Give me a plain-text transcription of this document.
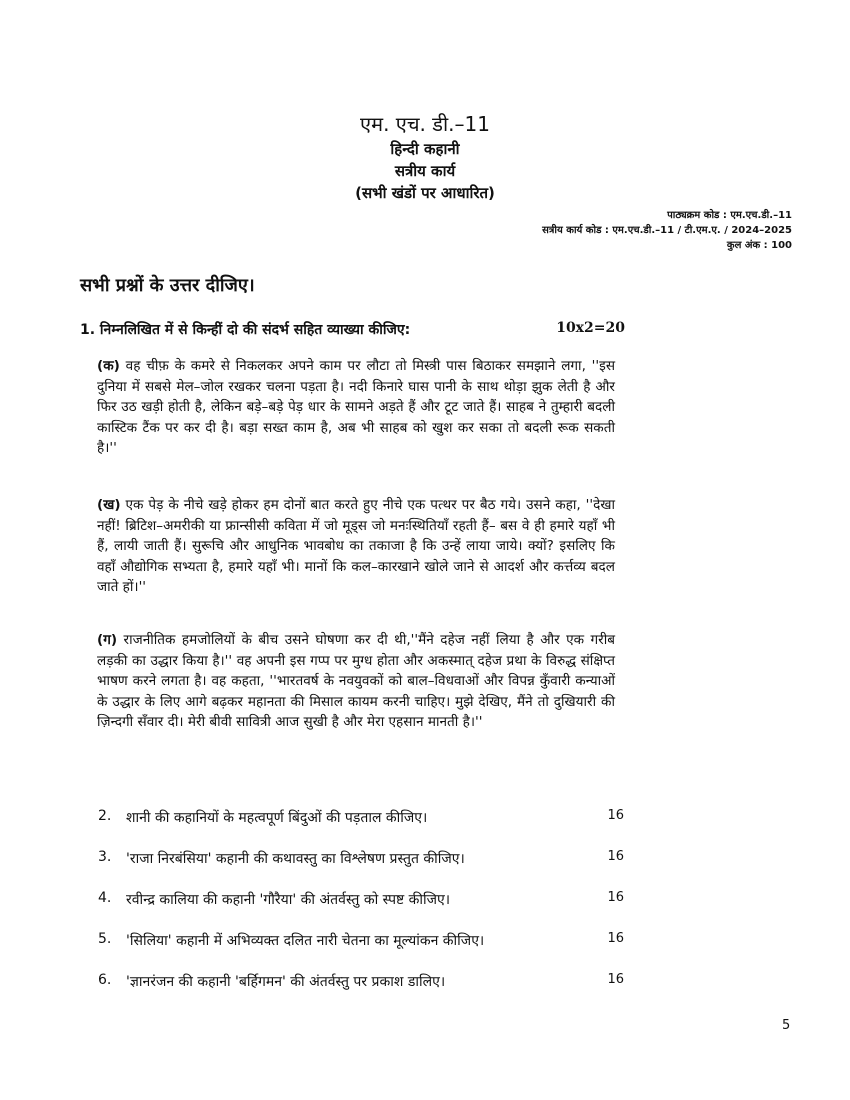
एम. एच. डी.–11
हिन्दी कहानी
सत्रीय कार्य
(सभी खंडों पर आधारित)
पाठ्यक्रम कोड : एम.एच.डी.–11
सत्रीय कार्य कोड : एम.एच.डी.–11 / टी.एम.ए. / 2024–2025
कुल अंक : 100
सभी प्रश्नों के उत्तर दीजिए।
1. निम्नलिखित में से किन्हीं दो की संदर्भ सहित व्याख्या कीजिए:	10x2=20
(क) वह चीफ़ के कमरे से निकलकर अपने काम पर लौटा तो मिस्त्री पास बिठाकर समझाने लगा, ''इस दुनिया में सबसे मेल–जोल रखकर चलना पड़ता है। नदी किनारे घास पानी के साथ थोड़ा झुक लेती है और फिर उठ खड़ी होती है, लेकिन बड़े–बड़े पेड़ धार के सामने अड़ते हैं और टूट जाते हैं। साहब ने तुम्हारी बदली कास्टिक टैंक पर कर दी है। बड़ा सख्त काम है, अब भी साहब को खुश कर सका तो बदली रूक सकती है।''
(ख) एक पेड़ के नीचे खड़े होकर हम दोनों बात करते हुए नीचे एक पत्थर पर बैठ गये। उसने कहा, ''देखा नहीं! ब्रिटिश–अमरीकी या फ्रान्सीसी कविता में जो मूड्स जो मनःस्थितियाँ रहती हैं– बस वे ही हमारे यहाँ भी हैं, लायी जाती हैं। सुरूचि और आधुनिक भावबोध का तकाजा है कि उन्हें लाया जाये। क्यों? इसलिए कि वहाँ औद्योगिक सभ्यता है, हमारे यहाँ भी। मानों कि कल–कारखाने खोले जाने से आदर्श और कर्त्तव्य बदल जाते हों।''
(ग) राजनीतिक हमजोलियों के बीच उसने घोषणा कर दी थी,''मैंने दहेज नहीं लिया है और एक गरीब लड़की का उद्धार किया है।'' वह अपनी इस गप्प पर मुग्ध होता और अकस्मात् दहेज प्रथा के विरुद्ध संक्षिप्त भाषण करने लगता है। वह कहता, ''भारतवर्ष के नवयुवकों को बाल–विधवाओं और विपन्न कुँवारी कन्याओं के उद्धार के लिए आगे बढ़कर महानता की मिसाल कायम करनी चाहिए। मुझे देखिए, मैंने तो दुखियारी की ज़िन्दगी सँवार दी। मेरी बीवी सावित्री आज सुखी है और मेरा एहसान मानती है।''
2. शानी की कहानियों के महत्वपूर्ण बिंदुओं की पड़ताल कीजिए।	16
3. 'राजा निरबंसिया' कहानी की कथावस्तु का विश्लेषण प्रस्तुत कीजिए।	16
4. रवीन्द्र कालिया की कहानी 'गौरैया' की अंतर्वस्तु को स्पष्ट कीजिए।	16
5. 'सिलिया' कहानी में अभिव्यक्त दलित नारी चेतना का मूल्यांकन कीजिए।	16
6. 'ज्ञानरंजन की कहानी 'बर्हिगमन' की अंतर्वस्तु पर प्रकाश डालिए।	16
5
